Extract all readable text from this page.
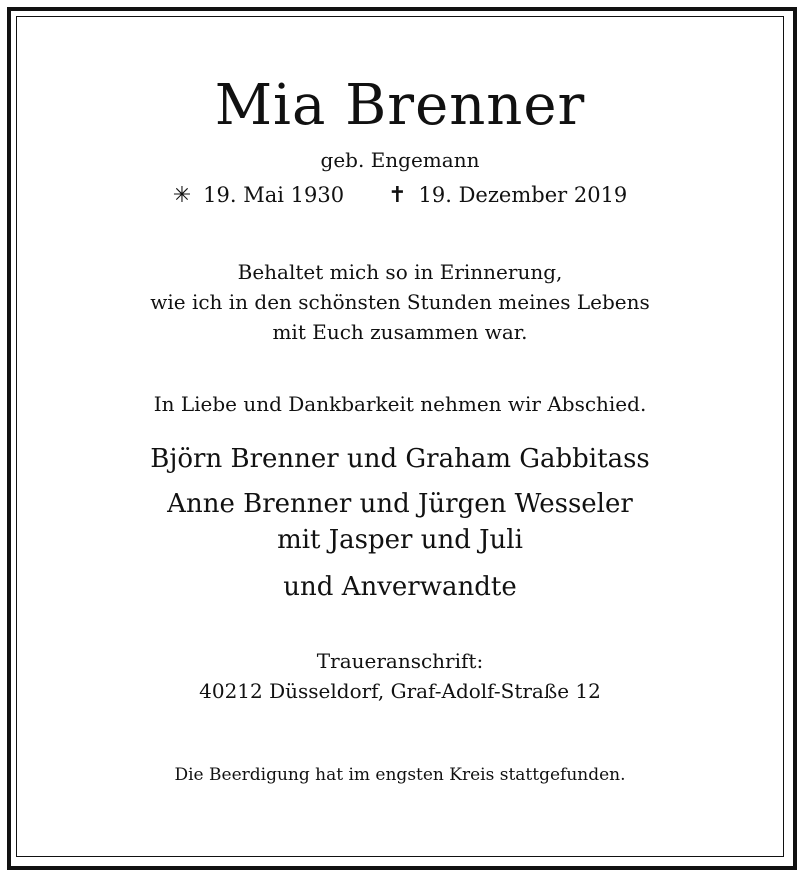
Mia Brenner
geb. Engemann
✳ 19. Mai 1930 ✝ 19. Dezember 2019
Behaltet mich so in Erinnerung,
wie ich in den schönsten Stunden meines Lebens
mit Euch zusammen war.
In Liebe und Dankbarkeit nehmen wir Abschied.
Björn Brenner und Graham Gabbitass
Anne Brenner und Jürgen Wesseler
mit Jasper und Juli
und Anverwandte
Traueranschrift:
40212 Düsseldorf, Graf-Adolf-Straße 12
Die Beerdigung hat im engsten Kreis stattgefunden.
